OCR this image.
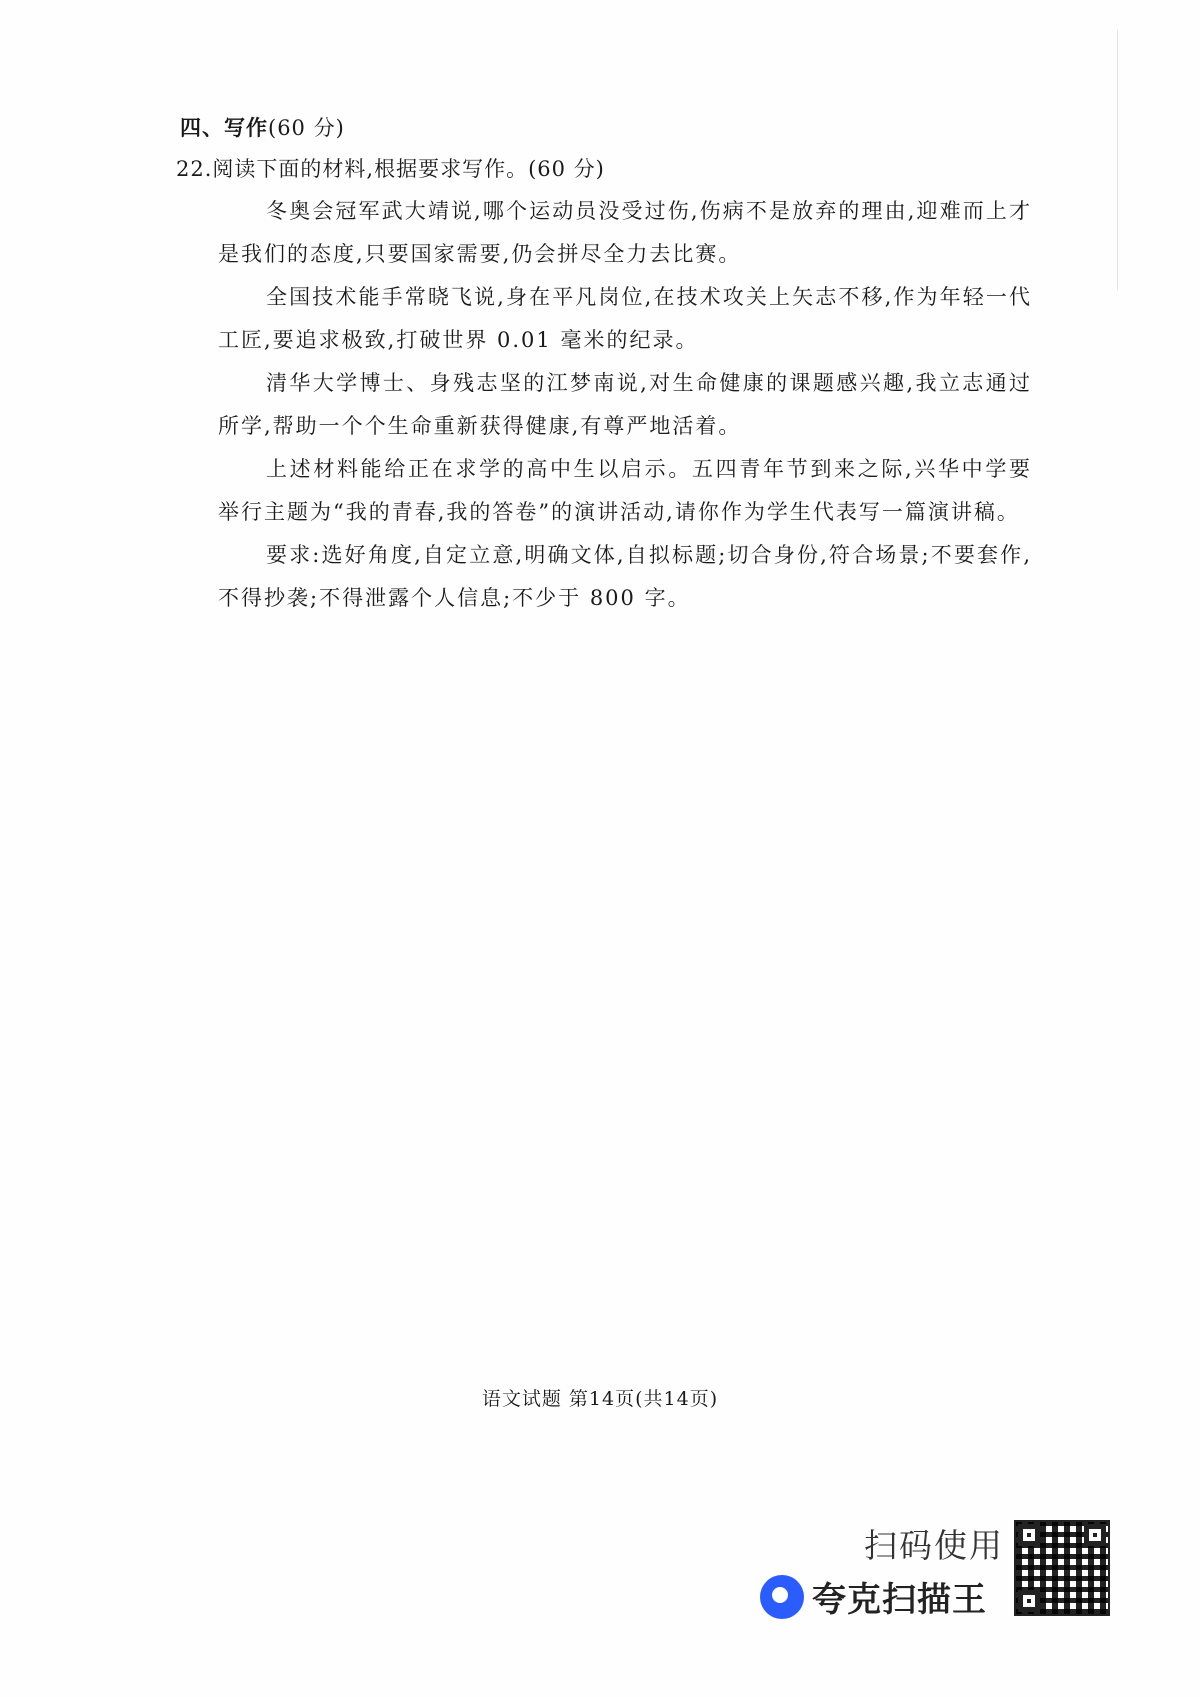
四、写作(60 分)
22.阅读下面的材料,根据要求写作。(60 分)
冬奥会冠军武大靖说,哪个运动员没受过伤,伤病不是放弃的理由,迎难而上才是我们的态度,只要国家需要,仍会拼尽全力去比赛。
全国技术能手常晓飞说,身在平凡岗位,在技术攻关上矢志不移,作为年轻一代工匠,要追求极致,打破世界 0.01 毫米的纪录。
清华大学博士、身残志坚的江梦南说,对生命健康的课题感兴趣,我立志通过所学,帮助一个个生命重新获得健康,有尊严地活着。
上述材料能给正在求学的高中生以启示。五四青年节到来之际,兴华中学要举行主题为“我的青春,我的答卷”的演讲活动,请你作为学生代表写一篇演讲稿。
要求:选好角度,自定立意,明确文体,自拟标题;切合身份,符合场景;不要套作,不得抄袭;不得泄露个人信息;不少于 800 字。
语文试题 第14页(共14页)
扫码使用
夸克扫描王
